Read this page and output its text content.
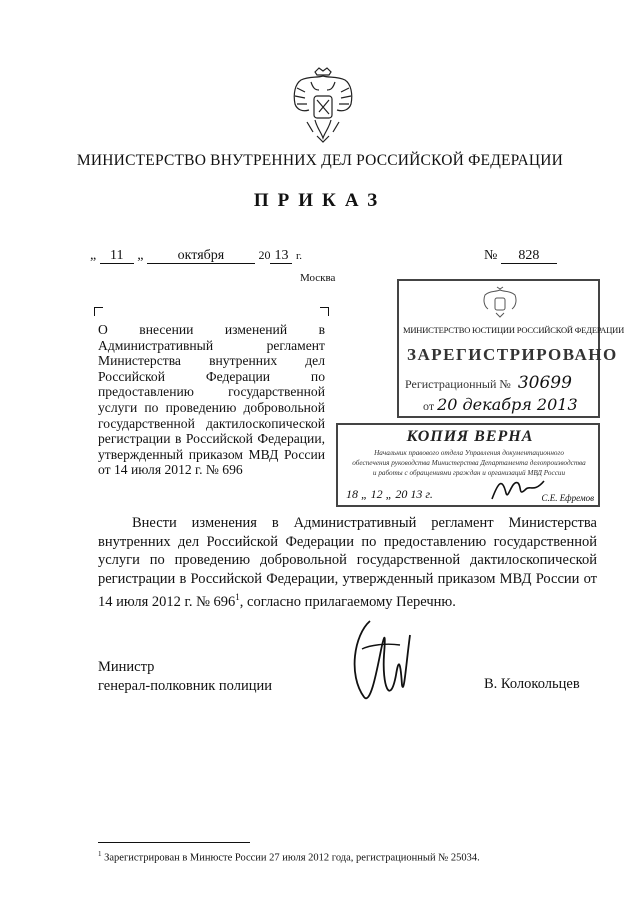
МИНИСТЕРСТВО ВНУТРЕННИХ ДЕЛ РОССИЙСКОЙ ФЕДЕРАЦИИ
ПРИКАЗ
„ 11 „ октября	20 13 г.	№ 828
Москва
О внесении изменений в Административный регламент Министерства внутренних дел Российской Федерации по предоставлению государственной услуги по проведению добровольной государственной дактилоскопической регистрации в Российской Федерации, утвержденный приказом МВД России от 14 июля 2012 г. № 696
МИНИСТЕРСТВО ЮСТИЦИИ РОССИЙСКОЙ ФЕДЕРАЦИИ
ЗАРЕГИСТРИРОВАНО
Регистрационный № 30699
от 20 декабря 2013
КОПИЯ ВЕРНА
Начальник правового отдела Управления документационного
обеспечения руководства Министерства Департамента делопроизводства
и работы с обращениями граждан и организаций МВД России
18 „ 12 „ 20 13 г.	С.Е. Ефремов
Внести изменения в Административный регламент Министерства внутренних дел Российской Федерации по предоставлению государственной услуги по проведению добровольной государственной дактилоскопической регистрации в Российской Федерации, утвержденный приказом МВД России от 14 июля 2012 г. № $696^1$, согласно прилагаемому Перечню.
Министр
генерал-полковник полиции	В. Колокольцев
$^1$ Зарегистрирован в Минюсте России 27 июля 2012 года, регистрационный № 25034.
